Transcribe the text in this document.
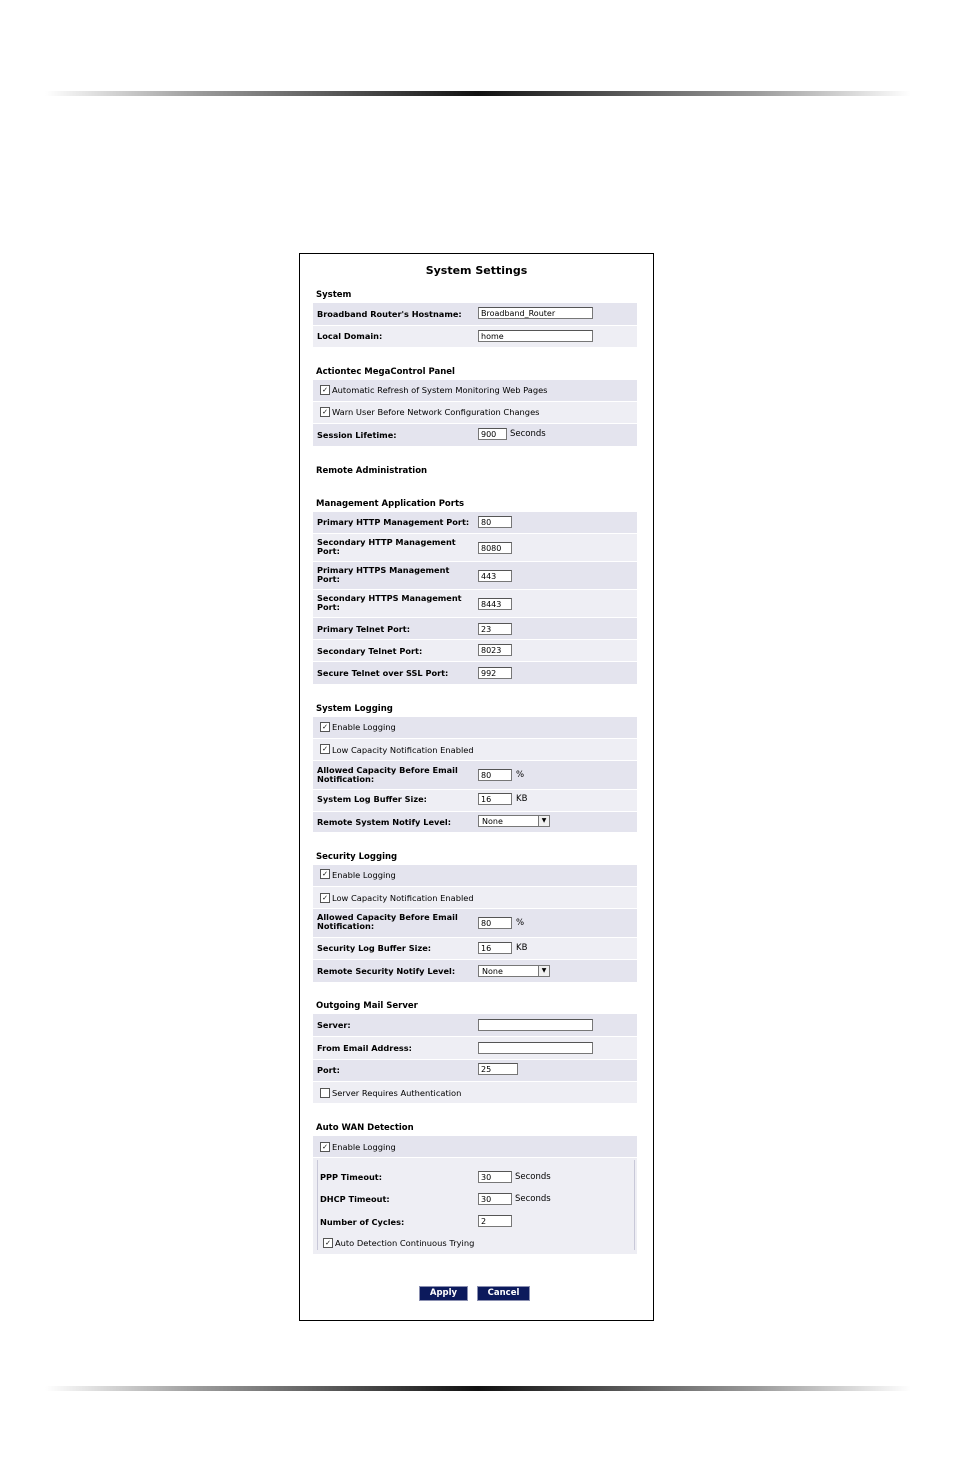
System Settings
System
Broadband Router's Hostname:	Broadband_Router
Local Domain:	home
Actiontec MegaControl Panel
✓ Automatic Refresh of System Monitoring Web Pages
✓ Warn User Before Network Configuration Changes
Session Lifetime:	900	Seconds
Remote Administration
Management Application Ports
Primary HTTP Management Port:	80
Secondary HTTP Management Port:	8080
Primary HTTPS Management Port:	443
Secondary HTTPS Management Port:	8443
Primary Telnet Port:	23
Secondary Telnet Port:	8023
Secure Telnet over SSL Port:	992
System Logging
✓ Enable Logging
✓ Low Capacity Notification Enabled
Allowed Capacity Before Email Notification:	80	%
System Log Buffer Size:	16	KB
Remote System Notify Level:	None	▼
Security Logging
✓ Enable Logging
✓ Low Capacity Notification Enabled
Allowed Capacity Before Email Notification:	80	%
Security Log Buffer Size:	16	KB
Remote Security Notify Level:	None	▼
Outgoing Mail Server
Server:
From Email Address:
Port:	25
Server Requires Authentication
Auto WAN Detection
✓ Enable Logging
PPP Timeout:	30	Seconds
DHCP Timeout:	30	Seconds
Number of Cycles:	2
✓ Auto Detection Continuous Trying
Apply	Cancel
